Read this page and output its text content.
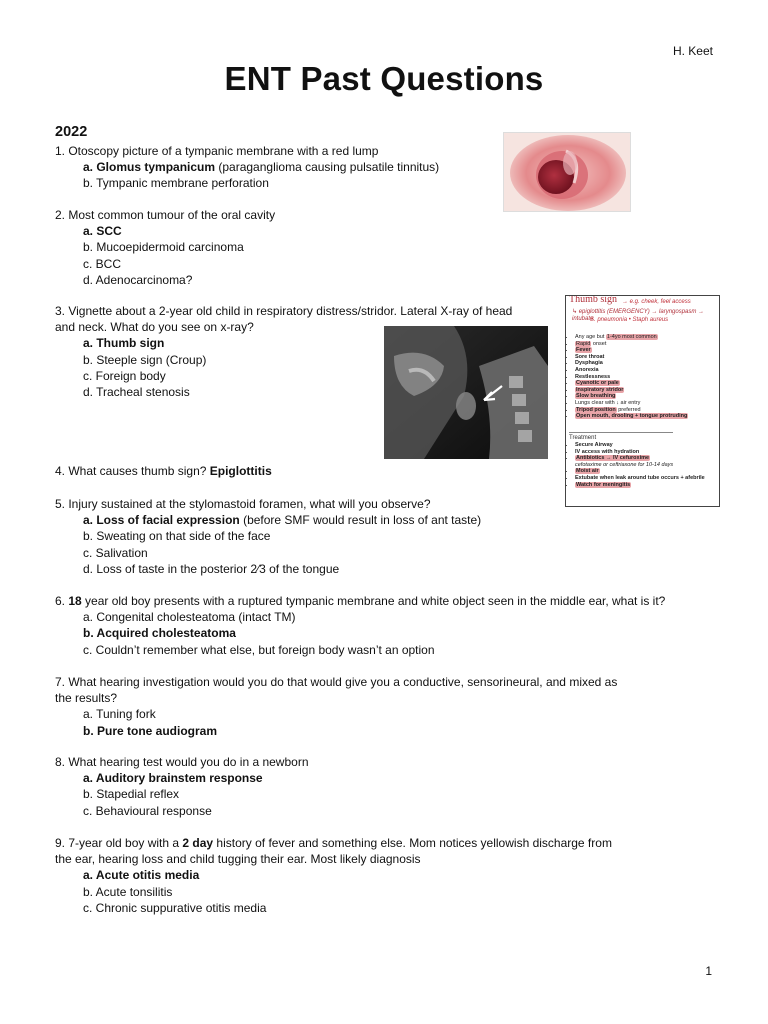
H. Keet
ENT Past Questions
2022
1. Otoscopy picture of a tympanic membrane with a red lump
a. Glomus tympanicum (paraganglioma causing pulsatile tinnitus)
b. Tympanic membrane perforation
2. Most common tumour of the oral cavity
a. SCC
b. Mucoepidermoid carcinoma
c. BCC
d. Adenocarcinoma?
3. Vignette about a 2-year old child in respiratory distress/stridor. Lateral X-ray of head
and neck. What do you see on x-ray?
a. Thumb sign
b. Steeple sign (Croup)
c. Foreign body
d. Tracheal stenosis
4. What causes thumb sign? Epiglottitis
5. Injury sustained at the stylomastoid foramen, what will you observe?
a. Loss of facial expression (before SMF would result in loss of ant taste)
b. Sweating on that side of the face
c. Salivation
d. Loss of taste in the posterior 2⁄3 of the tongue
6. 18 year old boy presents with a ruptured tympanic membrane and white object seen in the middle ear, what is it?
a. Congenital cholesteatoma (intact TM)
b. Acquired cholesteatoma
c. Couldn’t remember what else, but foreign body wasn’t an option
7. What hearing investigation would you do that would give you a conductive, sensorineural, and mixed as
the results?
a. Tuning fork
b. Pure tone audiogram
8. What hearing test would you do in a newborn
a. Auditory brainstem response
b. Stapedial reflex
c. Behavioural response
9. 7-year old boy with a 2 day history of fever and something else. Mom notices yellowish discharge from
the ear, hearing loss and child tugging their ear. Most likely diagnosis
a. Acute otitis media
b. Acute tonsilitis
c. Chronic suppurative otitis media
Thumb sign → e.g. cheek, feel access
↳ epiglottitis (EMERGENCY) → laryngospasm → intubate
S. pneumonia • Staph aureus
• Any age but 1-4yo most common
• Rapid onset
• Fever
• Sore throat
• Dysphagia
• Anorexia
• Restlessness
• Cyanotic or pale
• Inspiratory stridor
• Slow breathing
• Lungs clear with ↓ air entry
• Tripod position preferred
• Open mouth, drooling + tongue protruding
Treatment
• Secure Airway
• IV access with hydration
• Antibiotics → IV cefuroxime
cefotaxime or ceftriaxone for 10-14 days
• Moist air
• Extubate when leak around tube occurs + afebrile
• Watch for meningitis
1
